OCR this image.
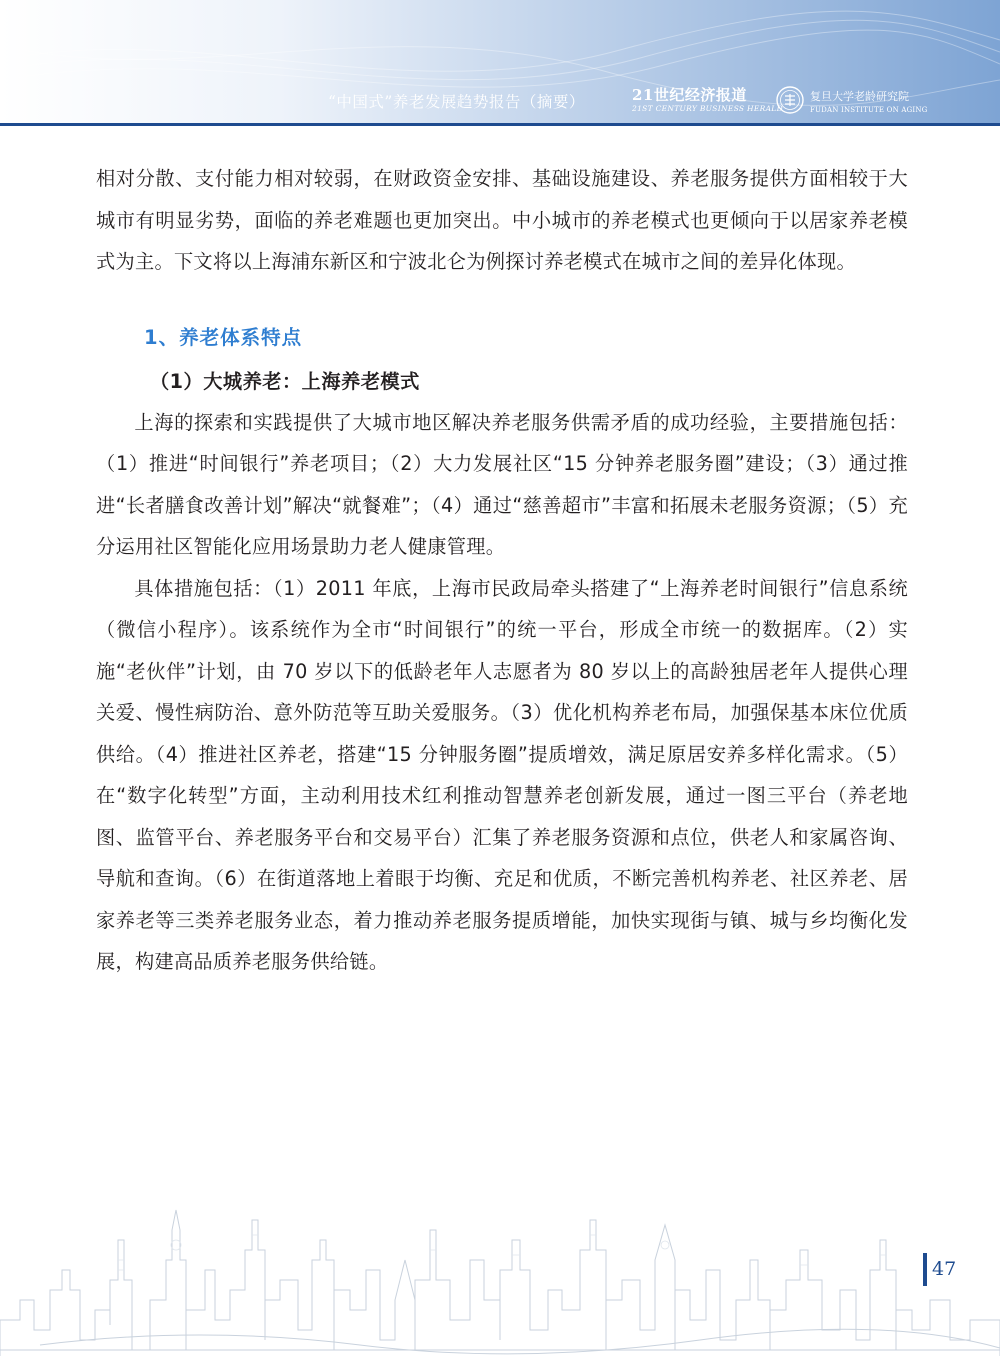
“中国式”养老发展趋势报告（摘要）	21世纪经济报道
21ST CENTURY BUSINESS HERALD
复旦大学老龄研究院
FUDAN INSTITUTE ON AGING

相对分散、支付能力相对较弱，在财政资金安排、基础设施建设、养老服务提供方面相较于大城市有明显劣势，面临的养老难题也更加突出。中小城市的养老模式也更倾向于以居家养老模式为主。下文将以上海浦东新区和宁波北仑为例探讨养老模式在城市之间的差异化体现。

1、养老体系特点
（1）大城养老：上海养老模式

上海的探索和实践提供了大城市地区解决养老服务供需矛盾的成功经验，主要措施包括：（1）推进“时间银行”养老项目；（2）大力发展社区“15 分钟养老服务圈”建设；（3）通过推进“长者膳食改善计划”解决“就餐难”；（4）通过“慈善超市”丰富和拓展未老服务资源；（5）充分运用社区智能化应用场景助力老人健康管理。

具体措施包括：（1）2011 年底，上海市民政局牵头搭建了“上海养老时间银行”信息系统（微信小程序）。该系统作为全市“时间银行”的统一平台，形成全市统一的数据库。（2）实施“老伙伴”计划，由 70 岁以下的低龄老年人志愿者为 80 岁以上的高龄独居老年人提供心理关爱、慢性病防治、意外防范等互助关爱服务。（3）优化机构养老布局，加强保基本床位优质供给。（4）推进社区养老，搭建“15 分钟服务圈”提质增效，满足原居安养多样化需求。（5）在“数字化转型”方面，主动利用技术红利推动智慧养老创新发展，通过一图三平台（养老地图、监管平台、养老服务平台和交易平台）汇集了养老服务资源和点位，供老人和家属咨询、导航和查询。（6）在街道落地上着眼于均衡、充足和优质，不断完善机构养老、社区养老、居家养老等三类养老服务业态，着力推动养老服务提质增能，加快实现街与镇、城与乡均衡化发展，构建高品质养老服务供给链。

47
